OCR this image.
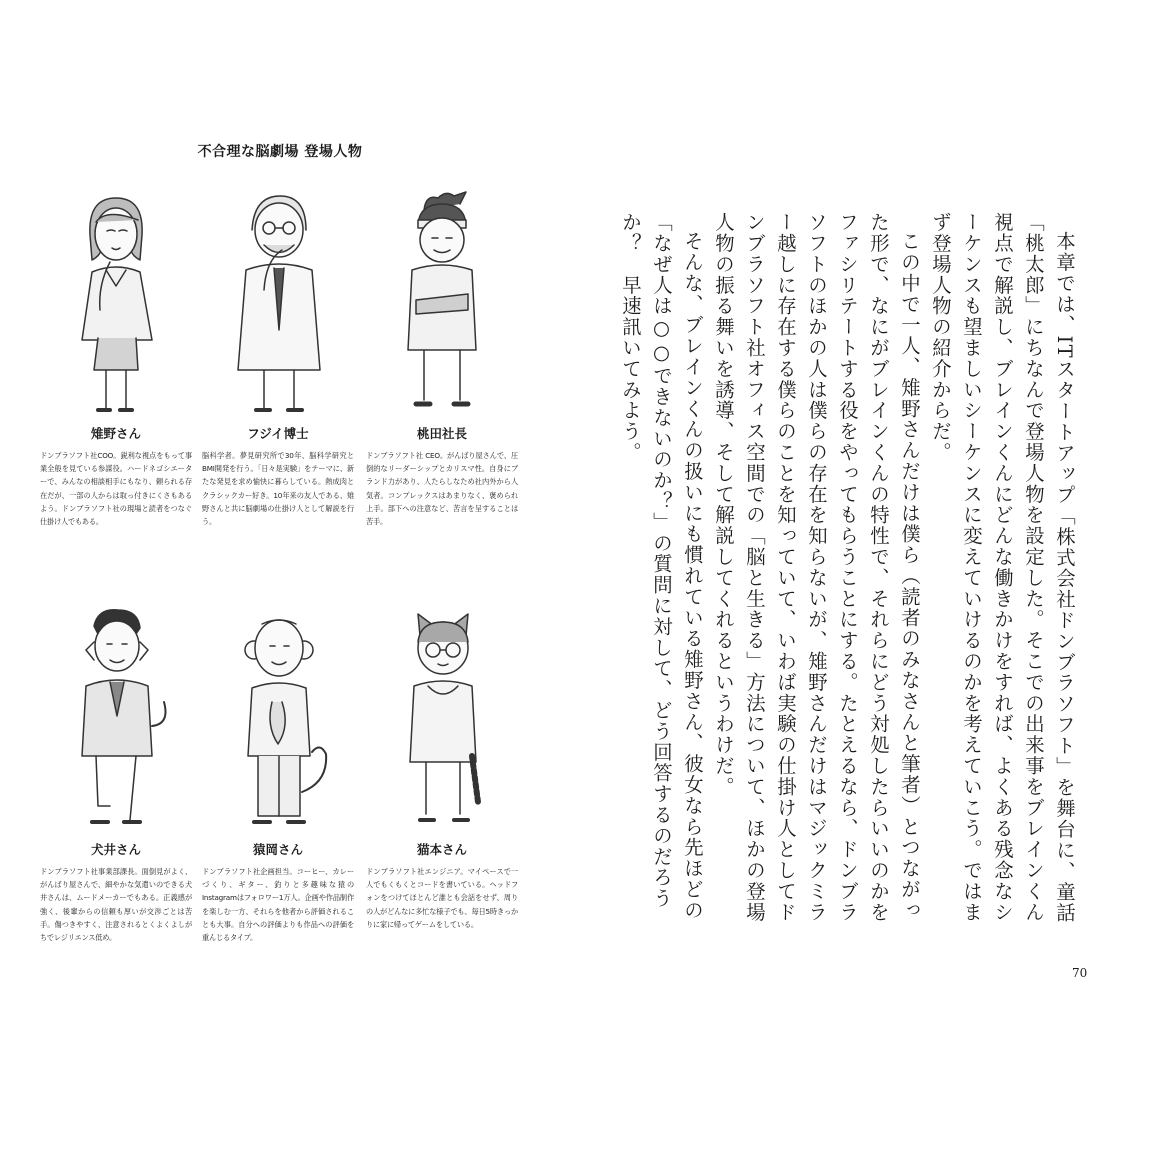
不合理な脳劇場 登場人物
雉野さん
ドンブラソフト社COO。鋭利な視点をもって事業全般を見ている参謀役。ハードネゴシエーターで、みんなの相談相手にもなり、頼られる存在だが、一部の人からは取っ付きにくさもあるよう。ドンブラソフト社の現場と読者をつなぐ仕掛け人でもある。
フジイ博士
脳科学者。夢見研究所で30年、脳科学研究とBMI開発を行う。「日々是実験」をテーマに、新たな発見を求め愉快に暮らしている。熱成肉とクラシックカー好き。10年来の友人である、雉野さんと共に脳劇場の仕掛け人として解説を行う。
桃田社長
ドンブラソフト社 CEO。がんばり屋さんで、圧倒的なリーダーシップとカリスマ性。自身にブランド力があり、人たらしなため社内外から人気者。コンプレックスはあまりなく、褒められ上手。部下への注意など、苦言を呈することは苦手。
犬井さん
ドンブラソフト社事業部課長。面倒見がよく、がんばり屋さんで、細やかな気遣いのできる犬井さんは、ムードメーカーでもある。正義感が強く、後輩からの信頼も厚いが交渉ごとは苦手。傷つきやすく、注意されるとくよくよしがちでレジリエンス低め。
猿岡さん
ドンブラソフト社企画担当。コーヒー、カレーづくり、ギター、釣りと多趣味な猿のInstagramはフォロワー1万人。企画や作品制作を楽しむ一方、それらを他者から評価されることも大事。自分への評価よりも作品への評価を重んじるタイプ。
猫本さん
ドンブラソフト社エンジニア。マイペースで一人でもくもくとコードを書いている。ヘッドフォンをつけてほとんど誰とも会話をせず、周りの人がどんなに多忙な様子でも、毎日5時きっかりに家に帰ってゲームをしている。

本章では、ITスタートアップ「株式会社ドンブラソフト」を舞台に、童話「桃太郎」にちなんで登場人物を設定した。そこでの出来事をブレインくん視点で解説し、ブレインくんにどんな働きかけをすれば、よくある残念なシーケンスも望ましいシーケンスに変えていけるのかを考えていこう。ではまず登場人物の紹介からだ。

この中で一人、雉野さんだけは僕ら（読者のみなさんと筆者）とつながった形で、なにがブレインくんの特性で、それらにどう対処したらいいのかをファシリテートする役をやってもらうことにする。たとえるなら、ドンブラソフトのほかの人は僕らの存在を知らないが、雉野さんだけはマジックミラー越しに存在する僕らのことを知っていて、いわば実験の仕掛け人としてドンブラソフト社オフィス空間での「脳と生きる」方法について、ほかの登場人物の振る舞いを誘導、そして解説してくれるというわけだ。

そんな、ブレインくんの扱いにも慣れている雉野さん、彼女なら先ほどの「なぜ人は○○できないのか？」の質問に対して、どう回答するのだろうか？　早速訊いてみよう。

70
